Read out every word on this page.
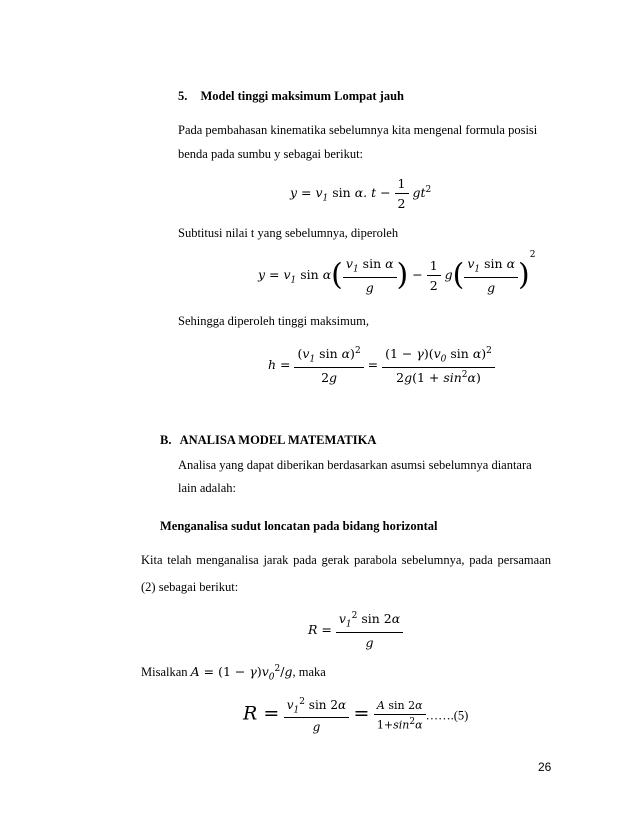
5. Model tinggi maksimum Lompat jauh
Pada pembahasan kinematika sebelumnya kita mengenal formula posisi
benda pada sumbu y sebagai berikut:
$y = v_1$ sin α. $t - \frac{1}{2} gt^2$
Subtitusi nilai t yang sebelumnya, diperoleh
$y = v_1$ $\sin \alpha( \frac{v_1 \sin \alpha}{g}$ ) − $\frac{1}{2} g( \frac{v_1 \sin \alpha}{g} )^2$
Sehingga diperoleh tinggi maksimum,
$h = \frac{(v_1 \sin \alpha)^2}{2g} = \frac{(1 - \gamma)(v_0 \sin \alpha)^2}{2g(1 + \sin^2\alpha)}$
B. ANALISA MODEL MATEMATIKA
Analisa yang dapat diberikan berdasarkan asumsi sebelumnya diantara
lain adalah:
Menganalisa sudut loncatan pada bidang horizontal
Kita telah menganalisa jarak pada gerak parabola sebelumnya, pada persamaan
(2) sebagai berikut:
$R = \frac{v_1^2 \sin 2\alpha}{g}$
Misalkan $A = (1 - \gamma)v_0^2/g$, maka
$R = \frac{v_1^2 \sin 2\alpha}{g} = \frac{\text{A sin 2α}}{1+\sin^2\alpha}$ …….(5)
26
